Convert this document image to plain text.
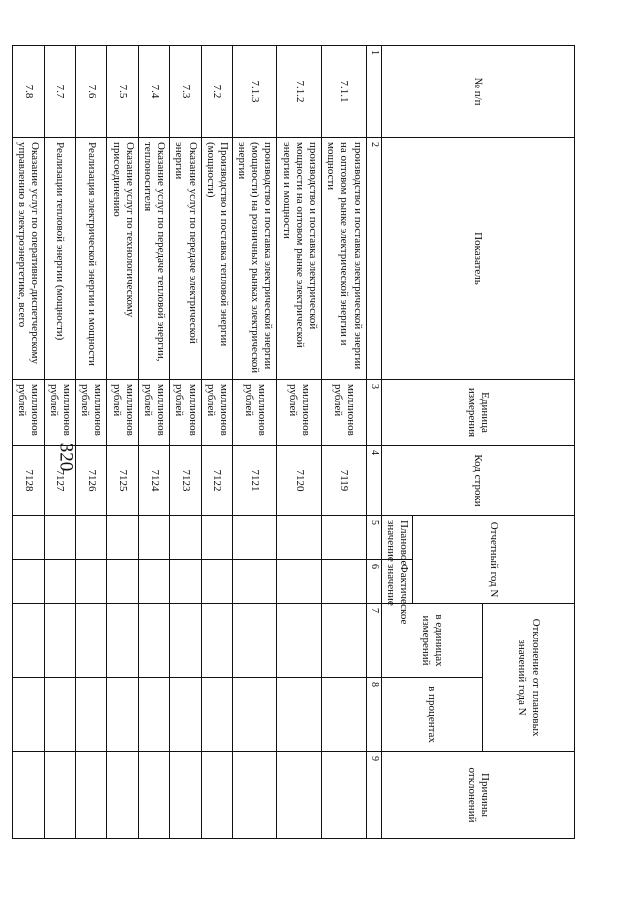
320
№ п/п	Показатель	Единица измерения	Код строки	Отчетный год N		Отклонение от плановых значений года N		Причины отклонений
						в единицах измерений	в процентах	
				Плановое значение	Фактическое значение			
1	2	3	4	5	6	7	8	9
7.1.1	производство и поставка электрической энергии на оптовом рынке электрической энергии и мощности	миллионов рублей	7119					
7.1.2	производство и поставка электрической мощности на оптовом рынке электрической энергии и мощности	миллионов рублей	7120					
7.1.3	производство и поставка электрической энергии (мощности) на розничных рынках электрической энергии	миллионов рублей	7121					
7.2	Производство и поставка тепловой энергии (мощности)	миллионов рублей	7122					
7.3	Оказание услуг по передаче электрической энергии	миллионов рублей	7123					
7.4	Оказание услуг по передаче тепловой энергии, теплоносителя	миллионов рублей	7124					
7.5	Оказание услуг по технологическому присоединению	миллионов рублей	7125					
7.6	Реализация электрической энергии и мощности	миллионов рублей	7126					
7.7	Реализации тепловой энергии (мощности)	миллионов рублей	7127					
7.8	Оказание услуг по оперативно-диспетчерскому управлению в электроэнергетике, всего	миллионов рублей	7128					
